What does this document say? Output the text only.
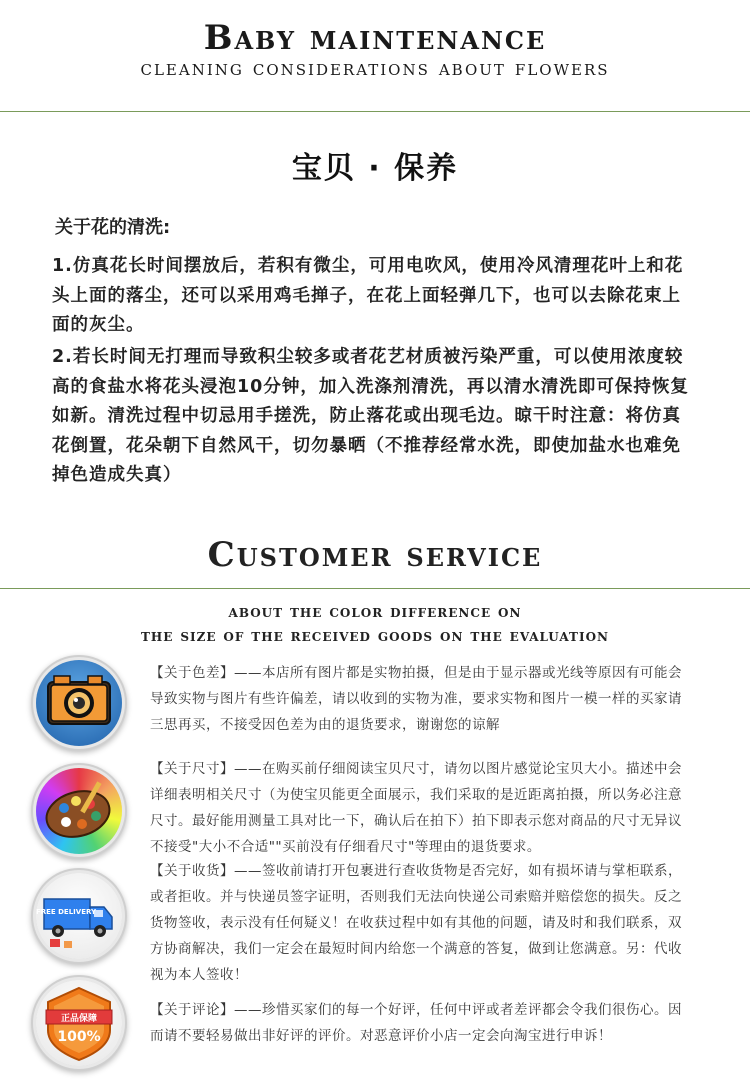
Baby maintenance
cleaning considerations about flowers
宝贝 · 保养
关于花的清洗:
1.仿真花长时间摆放后，若积有微尘，可用电吹风，使用冷风清理花叶上和花
头上面的落尘，还可以采用鸡毛掸子，在花上面轻弹几下，也可以去除花束上
面的灰尘。
2.若长时间无打理而导致积尘较多或者花艺材质被污染严重，可以使用浓度较
高的食盐水将花头浸泡10分钟，加入洗涤剂清洗，再以清水清洗即可保持恢复
如新。清洗过程中切忌用手搓洗，防止落花或出现毛边。晾干时注意：将仿真
花倒置，花朵朝下自然风干，切勿暴晒（不推荐经常水洗，即使加盐水也难免
掉色造成失真）
Customer service
about the color difference on
the size of the received goods on the evaluation
【关于色差】——本店所有图片都是实物拍摄，但是由于显示器或光线等原因有可能会
导致实物与图片有些许偏差，请以收到的实物为准，要求实物和图片一模一样的买家请
三思再买，不接受因色差为由的退货要求，谢谢您的谅解
【关于尺寸】——在购买前仔细阅读宝贝尺寸，请勿以图片感觉论宝贝大小。描述中会
详细表明相关尺寸（为使宝贝能更全面展示，我们采取的是近距离拍摄，所以务必注意
尺寸。最好能用测量工具对比一下，确认后在拍下）拍下即表示您对商品的尺寸无异议
不接受"大小不合适""买前没有仔细看尺寸"等理由的退货要求。
FREE DELIVERY
【关于收货】——签收前请打开包裹进行查收货物是否完好，如有损坏请与掌柜联系，
或者拒收。并与快递员签字证明，否则我们无法向快递公司索赔并赔偿您的损失。反之
货物签收，表示没有任何疑义！在收获过程中如有其他的问题，请及时和我们联系，双
方协商解决，我们一定会在最短时间内给您一个满意的答复，做到让您满意。另：代收
视为本人签收！
正品保障
100%
【关于评论】——珍惜买家们的每一个好评，任何中评或者差评都会令我们很伤心。因
而请不要轻易做出非好评的评价。对恶意评价小店一定会向淘宝进行申诉！
